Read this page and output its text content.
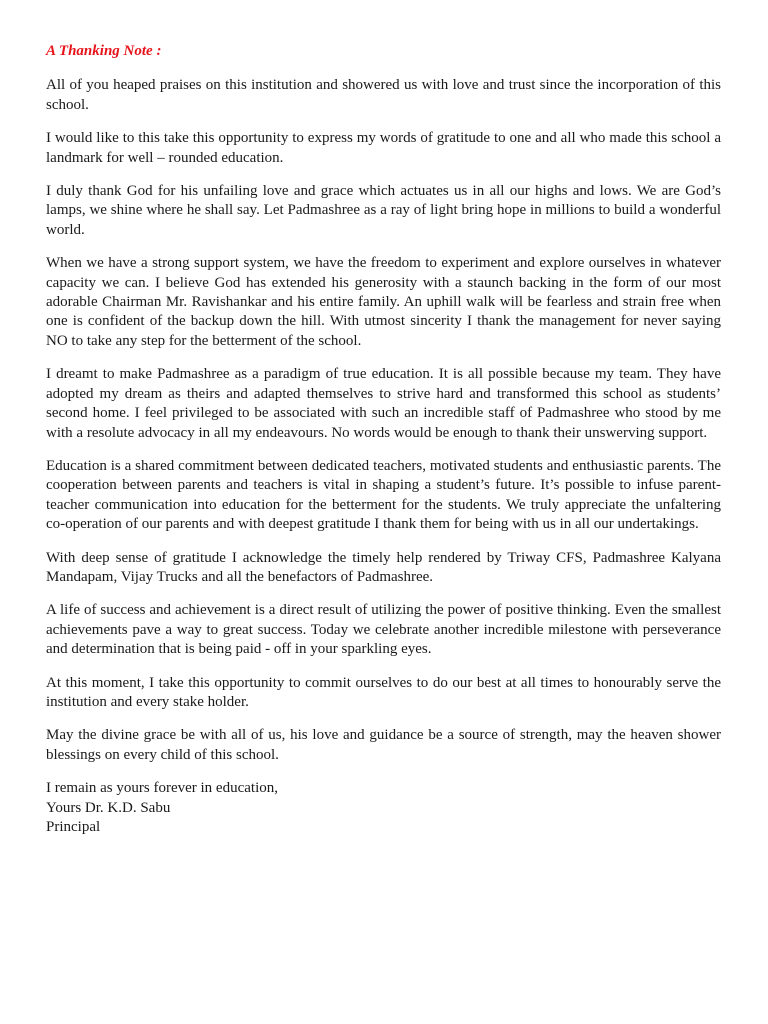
A Thanking Note :

All of you heaped praises on this institution and showered us with love and trust since the incorporation of this school.

I would like to this take this opportunity to express my words of gratitude to one and all who made this school a landmark for well – rounded education.

I duly thank God for his unfailing love and grace which actuates us in all our highs and lows. We are God’s lamps, we shine where he shall say. Let Padmashree as a ray of light bring hope in millions to build a wonderful world.

When we have a strong support system, we have the freedom to experiment and explore ourselves in whatever capacity we can. I believe God has extended his generosity with a staunch backing in the form of our most adorable Chairman Mr. Ravishankar and his entire family. An uphill walk will be fearless and strain free when one is confident of the backup down the hill. With utmost sincerity I thank the management for never saying NO to take any step for the betterment of the school.

I dreamt to make Padmashree as a paradigm of true education. It is all possible because my team. They have adopted my dream as theirs and adapted themselves to strive hard and transformed this school as students’ second home. I feel privileged to be associated with such an incredible staff of Padmashree who stood by me with a resolute advocacy in all my endeavours. No words would be enough to thank their unswerving support.

Education is a shared commitment between dedicated teachers, motivated students and enthusiastic parents. The cooperation between parents and teachers is vital in shaping a student’s future. It’s possible to infuse parent-teacher communication into education for the betterment for the students. We truly appreciate the unfaltering co-operation of our parents and with deepest gratitude I thank them for being with us in all our undertakings.

With deep sense of gratitude I acknowledge the timely help rendered by Triway CFS, Padmashree Kalyana Mandapam, Vijay Trucks and all the benefactors of Padmashree.

A life of success and achievement is a direct result of utilizing the power of positive thinking. Even the smallest achievements pave a way to great success. Today we celebrate another incredible milestone with perseverance and determination that is being paid - off in your sparkling eyes.

At this moment, I take this opportunity to commit ourselves to do our best at all times to honourably serve the institution and every stake holder.

May the divine grace be with all of us, his love and guidance be a source of strength, may the heaven shower blessings on every child of this school.

I remain as yours forever in education,
Yours Dr. K.D. Sabu
Principal
